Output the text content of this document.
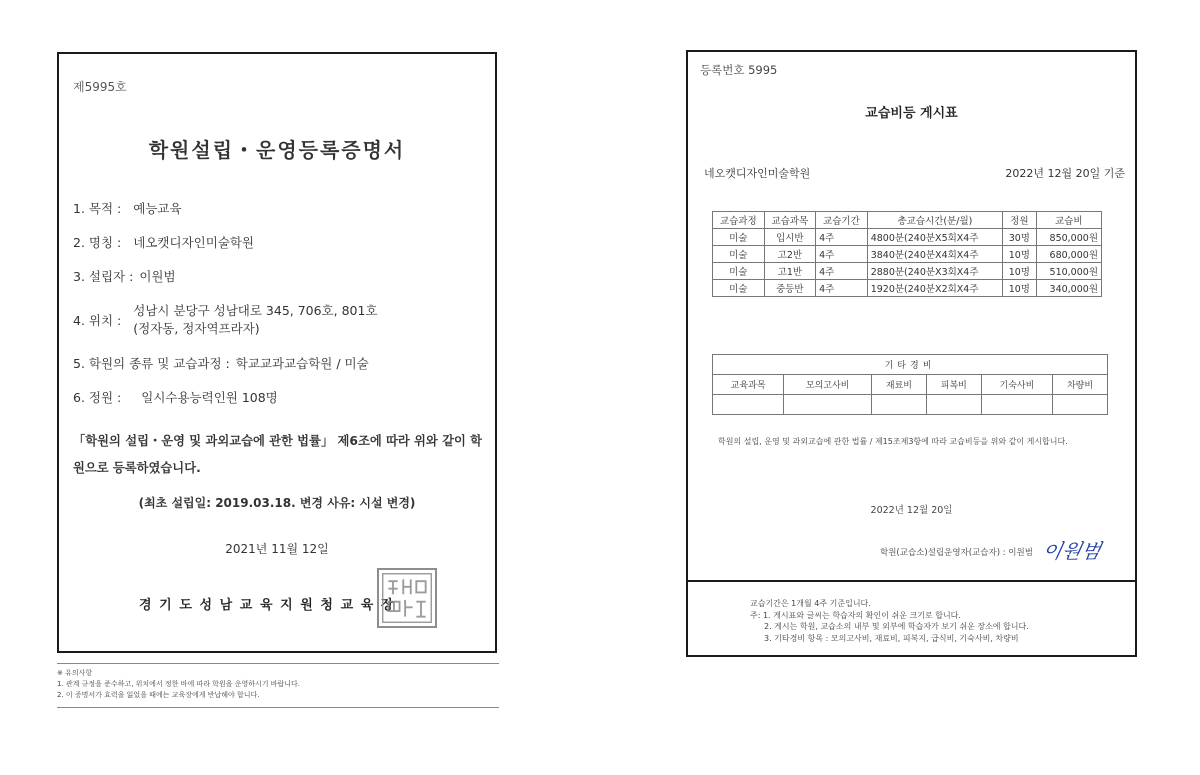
제5995호
학원설립・운영등록증명서
1. 목적 : 예능교육
2. 명칭 : 네오캣디자인미술학원
3. 설립자 : 이원범
4. 위치 :
성남시 분당구 성남대로 345, 706호, 801호
(정자동, 정자역프라자)
5. 학원의 종류 및 교습과정 : 학교교과교습학원 / 미술
6. 정원 : 일시수용능력인원 108명
「학원의 설립・운영 및 과외교습에 관한 법률」 제6조에 따라 위와 같이 학원으로 등록하였습니다.
(최초 설립일: 2019.03.18. 변경 사유: 시설 변경)
2021년 11월 12일
경기도성남교육지원청교육장
※ 유의사항
1. 관계 규정을 준수하고, 위치에서 정한 바에 따라 학원을 운영하시기 바랍니다.
2. 이 증명서가 효력을 잃었을 때에는 교육장에게 반납해야 합니다.
등록번호 5995
교습비등 게시표
네오캣디자인미술학원	2022년 12월 20일 기준
교습과정	교습과목	교습기간	총교습시간(분/월)	정원	교습비
미술	입시반	4주	4800분(240분X5회X4주	30명	850,000원
미술	고2반	4주	3840분(240분X4회X4주	10명	680,000원
미술	고1반	4주	2880분(240분X3회X4주	10명	510,000원
미술	중등반	4주	1920분(240분X2회X4주	10명	340,000원
기타경비					
교육과목	모의고사비	재료비	피복비	기숙사비	차량비

학원의 설립, 운영 및 과외교습에 관한 법률 / 제15조제3항에 따라 교습비등을 위와 같이 게시합니다.
2022년 12월 20일
학원(교습소)설립운영자(교습자) : 이원범 이원범
교습기간은 1개월 4주 기준입니다.
주: 1. 게시표와 글씨는 학습자의 확인이 쉬운 크기로 합니다.
2. 게시는 학원, 교습소의 내부 및 외부에 학습자가 보기 쉬운 장소에 합니다.
3. 기타경비 항목 : 모의고사비, 재료비, 피복지, 급식비, 기숙사비, 차량비
